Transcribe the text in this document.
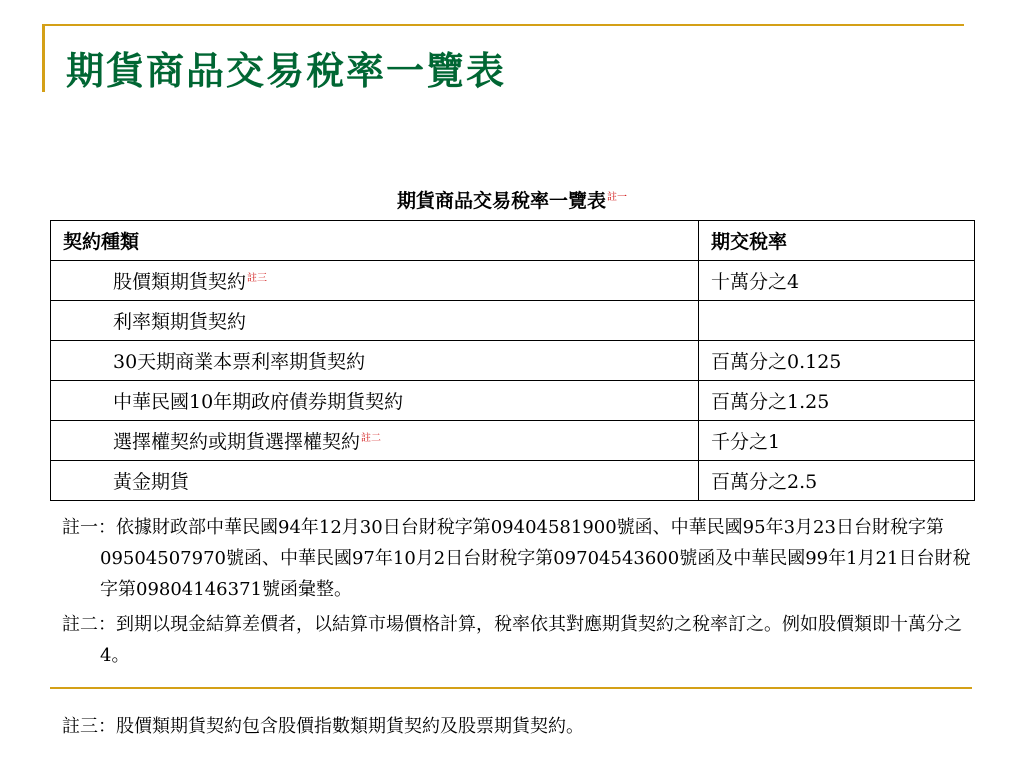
期貨商品交易稅率一覽表
期貨商品交易稅率一覽表$^{註一}$
契約種類	期交稅率
股價類期貨契約$^{註三}$	十萬分之4
利率類期貨契約	
30天期商業本票利率期貨契約	百萬分之0.125
中華民國10年期政府債券期貨契約	百萬分之1.25
選擇權契約或期貨選擇權契約$^{註二}$	千分之1
黃金期貨	百萬分之2.5

註一：依據財政部中華民國94年12月30日台財稅字第09404581900號函、中華民國95年3月23日台財稅字第09504507970號函、中華民國97年10月2日台財稅字第09704543600號函及中華民國99年1月21日台財稅字第09804146371號函彙整。

註二：到期以現金結算差價者，以結算市場價格計算，稅率依其對應期貨契約之稅率訂之。例如股價類即十萬分之4。

註三：股價類期貨契約包含股價指數類期貨契約及股票期貨契約。
